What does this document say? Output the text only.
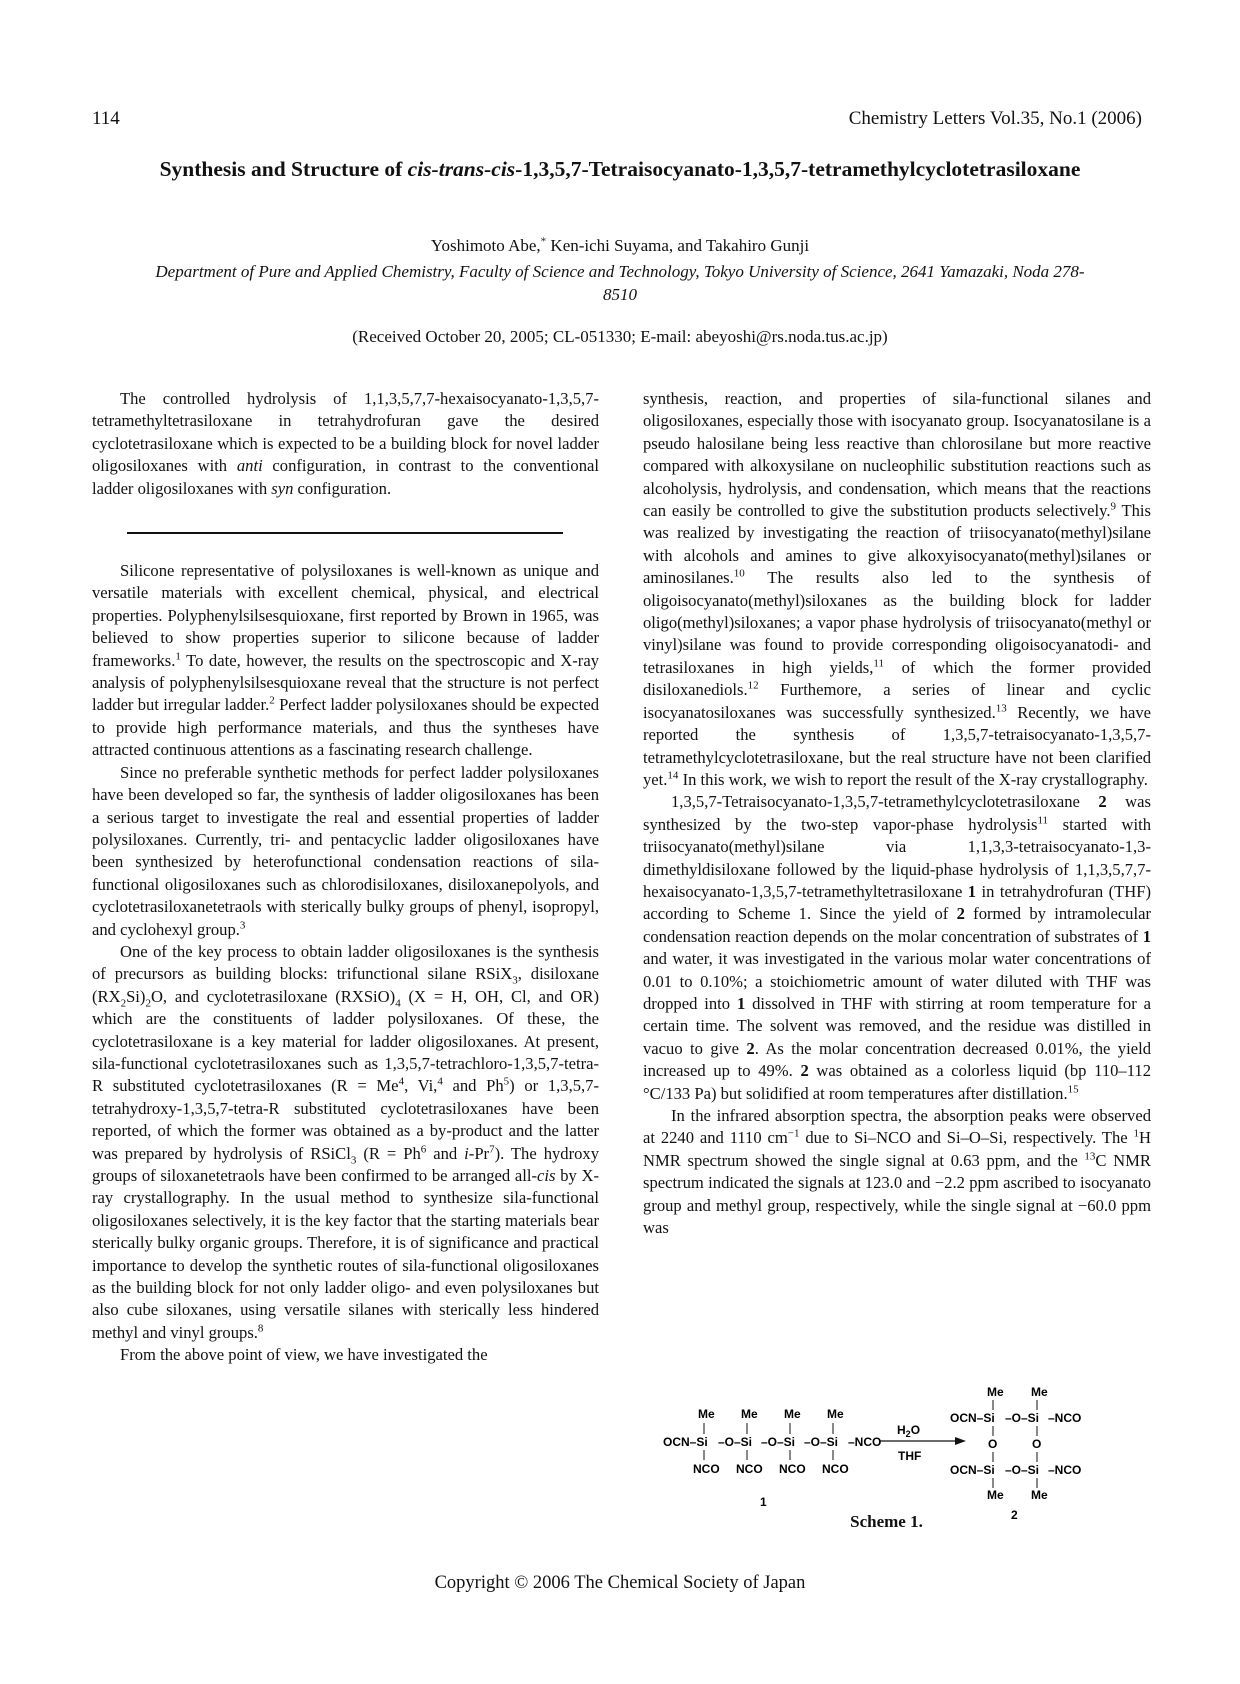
114	Chemistry Letters Vol.35, No.1 (2006)
Synthesis and Structure of cis-trans-cis-1,3,5,7-Tetraisocyanato-1,3,5,7-tetramethylcyclotetrasiloxane
Yoshimoto Abe,* Ken-ichi Suyama, and Takahiro Gunji
Department of Pure and Applied Chemistry, Faculty of Science and Technology, Tokyo University of Science, 2641 Yamazaki, Noda 278-8510
(Received October 20, 2005; CL-051330; E-mail: abeyoshi@rs.noda.tus.ac.jp)

The controlled hydrolysis of 1,1,3,5,7,7-hexaisocyanato-1,3,5,7-tetramethyltetrasiloxane in tetrahydrofuran gave the desired cyclotetrasiloxane which is expected to be a building block for novel ladder oligosiloxanes with anti configuration, in contrast to the conventional ladder oligosiloxanes with syn configuration.

Silicone representative of polysiloxanes is well-known as unique and versatile materials with excellent chemical, physical, and electrical properties. Polyphenylsilsesquioxane, first reported by Brown in 1965, was believed to show properties superior to silicone because of ladder frameworks.$^1$ To date, however, the results on the spectroscopic and X-ray analysis of polyphenylsilsesquioxane reveal that the structure is not perfect ladder but irregular ladder.$^2$ Perfect ladder polysiloxanes should be expected to provide high performance materials, and thus the syntheses have attracted continuous attentions as a fascinating research challenge.

Since no preferable synthetic methods for perfect ladder polysiloxanes have been developed so far, the synthesis of ladder oligosiloxanes has been a serious target to investigate the real and essential properties of ladder polysiloxanes. Currently, tri- and pentacyclic ladder oligosiloxanes have been synthesized by heterofunctional condensation reactions of sila-functional oligosiloxanes such as chlorodisiloxanes, disiloxanepolyols, and cyclotetrasiloxanetetraols with sterically bulky groups of phenyl, isopropyl, and cyclohexyl group.$^3$

One of the key process to obtain ladder oligosiloxanes is the synthesis of precursors as building blocks: trifunctional silane RSiX$_3$, disiloxane $(RX_2Si)_2O$, and cyclotetrasiloxane $(RXSiO)_4$ (X = H, OH, Cl, and OR) which are the constituents of ladder polysiloxanes. Of these, the cyclotetrasiloxane is a key material for ladder oligosiloxanes. At present, sila-functional cyclotetrasiloxanes such as 1,3,5,7-tetrachloro-1,3,5,7-tetra-R substituted cyclotetrasiloxanes ($R = Me^4$, Vi,$^4$ and Ph$^5$) or 1,3,5,7-tetrahydroxy-1,3,5,7-tetra-R substituted cyclotetrasiloxanes have been reported, of which the former was obtained as a by-product and the latter was prepared by hydrolysis of RSiCl$_3$ ($R = Ph^6$ and i-Pr$^7$). The hydroxy groups of siloxanetetraols have been confirmed to be arranged all-cis by X-ray crystallography. In the usual method to synthesize sila-functional oligosiloxanes selectively, it is the key factor that the starting materials bear sterically bulky organic groups. Therefore, it is of significance and practical importance to develop the synthetic routes of sila-functional oligosiloxanes as the building block for not only ladder oligo- and even polysiloxanes but also cube siloxanes, using versatile silanes with sterically less hindered methyl and vinyl groups.$^8$

From the above point of view, we have investigated the

synthesis, reaction, and properties of sila-functional silanes and oligosiloxanes, especially those with isocyanato group. Isocyanatosilane is a pseudo halosilane being less reactive than chlorosilane but more reactive compared with alkoxysilane on nucleophilic substitution reactions such as alcoholysis, hydrolysis, and condensation, which means that the reactions can easily be controlled to give the substitution products selectively.$^9$ This was realized by investigating the reaction of triisocyanato(methyl)silane with alcohols and amines to give alkoxyisocyanato(methyl)silanes or aminosilanes.$^{10}$ The results also led to the synthesis of oligoisocyanato(methyl)siloxanes as the building block for ladder oligo(methyl)siloxanes; a vapor phase hydrolysis of triisocyanato(methyl or vinyl)silane was found to provide corresponding oligoisocyanatodi- and tetrasiloxanes in high yields,$^{11}$ of which the former provided disiloxanediols.$^{12}$ Furthemore, a series of linear and cyclic isocyanatosiloxanes was successfully synthesized.$^{13}$ Recently, we have reported the synthesis of 1,3,5,7-tetraisocyanato-1,3,5,7-tetramethylcyclotetrasiloxane, but the real structure have not been clarified yet.$^{14}$ In this work, we wish to report the result of the X-ray crystallography.

1,3,5,7-Tetraisocyanato-1,3,5,7-tetramethylcyclotetrasiloxane 2 was synthesized by the two-step vapor-phase hydrolysis$^{11}$ started with triisocyanato(methyl)silane via 1,1,3,3-tetraisocyanato-1,3-dimethyldisiloxane followed by the liquid-phase hydrolysis of 1,1,3,5,7,7-hexaisocyanato-1,3,5,7-tetramethyltetrasiloxane 1 in tetrahydrofuran (THF) according to Scheme 1. Since the yield of 2 formed by intramolecular condensation reaction depends on the molar concentration of substrates of 1 and water, it was investigated in the various molar water concentrations of 0.01 to 0.10%; a stoichiometric amount of water diluted with THF was dropped into 1 dissolved in THF with stirring at room temperature for a certain time. The solvent was removed, and the residue was distilled in vacuo to give 2. As the molar concentration decreased 0.01%, the yield increased up to 49%. 2 was obtained as a colorless liquid (bp 110–112 °C/133 Pa) but solidified at room temperatures after distillation.$^{15}$

In the infrared absorption spectra, the absorption peaks were observed at 2240 and 1110 $cm^{-1}$ due to Si–NCO and Si–O–Si, respectively. The $^1$H NMR spectrum showed the single signal at 0.63 ppm, and the $^{13}$C NMR spectrum indicated the signals at 123.0 and −2.2 ppm ascribed to isocyanato group and methyl group, respectively, while the single signal at −60.0 ppm was

OCN–Si –O–Si –O–Si –O–Si –NCO
Me Me Me Me
NCO NCO NCO NCO
1
$H_2O$
THF
Me Me
OCN–Si –O–Si –NCO
O	O
OCN–Si –O–Si –NCO
Me Me
2
Scheme 1.
Copyright © 2006 The Chemical Society of Japan
